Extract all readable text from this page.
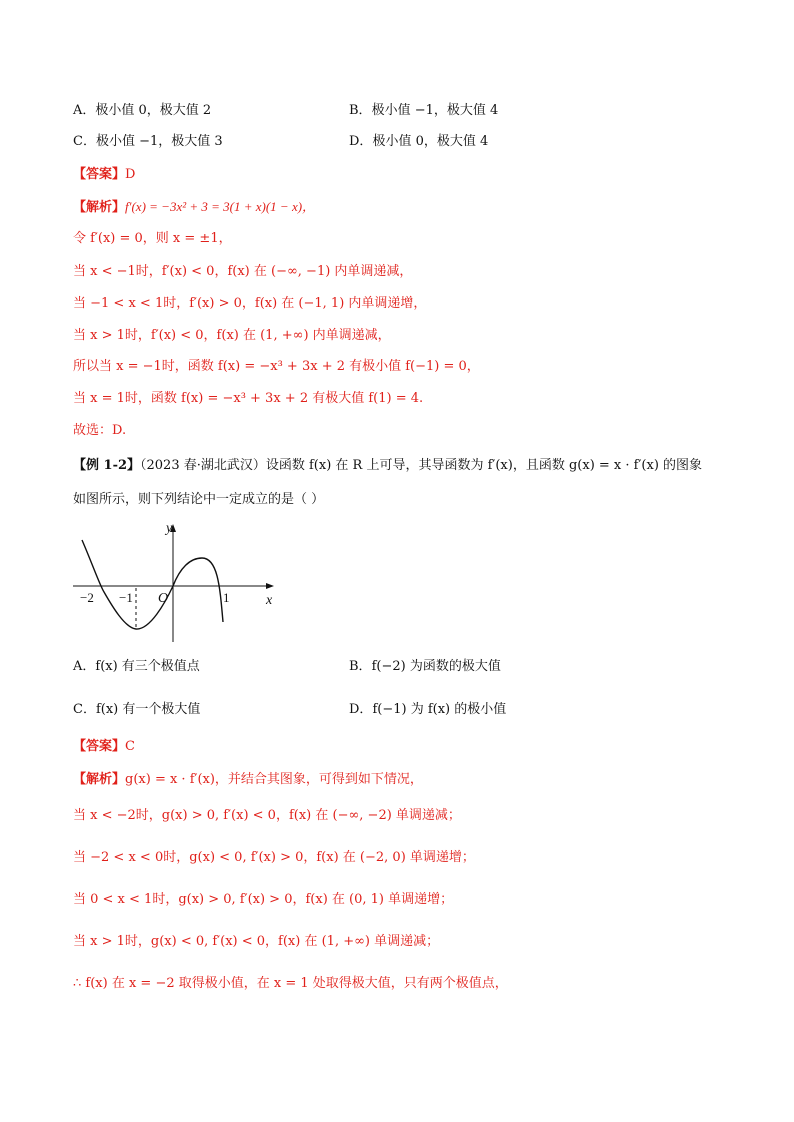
A．极小值 0，极大值 2	B．极小值 −1，极大值 4
C．极小值 −1，极大值 3	D．极小值 0，极大值 4
【答案】D
【解析】f′(x) = −3x² + 3 = 3(1 + x)(1 − x)，
令 f′(x) = 0，则 x = ±1，
当 x < −1时，f′(x) < 0，f(x) 在 (−∞, −1) 内单调递减，
当 −1 < x < 1时，f′(x) > 0，f(x) 在 (−1, 1) 内单调递增，
当 x > 1时，f′(x) < 0，f(x) 在 (1, +∞) 内单调递减，
所以当 x = −1时，函数 f(x) = −x³ + 3x + 2 有极小值 f(−1) = 0，
当 x = 1时，函数 f(x) = −x³ + 3x + 2 有极大值 f(1) = 4.
故选：D.
【例 1-2】（2023 春·湖北武汉）设函数 f(x) 在 R 上可导，其导函数为 f′(x)，且函数 g(x) = x · f′(x) 的图象
如图所示，则下列结论中一定成立的是（ ）
y
x
O
−2 −1	1
A．f(x) 有三个极值点	B．f(−2) 为函数的极大值
C．f(x) 有一个极大值	D．f(−1) 为 f(x) 的极小值
【答案】C
【解析】g(x) = x · f′(x)，并结合其图象，可得到如下情况，
当 x < −2时，g(x) > 0, f′(x) < 0，f(x) 在 (−∞, −2) 单调递减；
当 −2 < x < 0时，g(x) < 0, f′(x) > 0，f(x) 在 (−2, 0) 单调递增；
当 0 < x < 1时，g(x) > 0, f′(x) > 0，f(x) 在 (0, 1) 单调递增；
当 x > 1时，g(x) < 0, f′(x) < 0，f(x) 在 (1, +∞) 单调递减；
∴ f(x) 在 x = −2 取得极小值，在 x = 1 处取得极大值，只有两个极值点，
